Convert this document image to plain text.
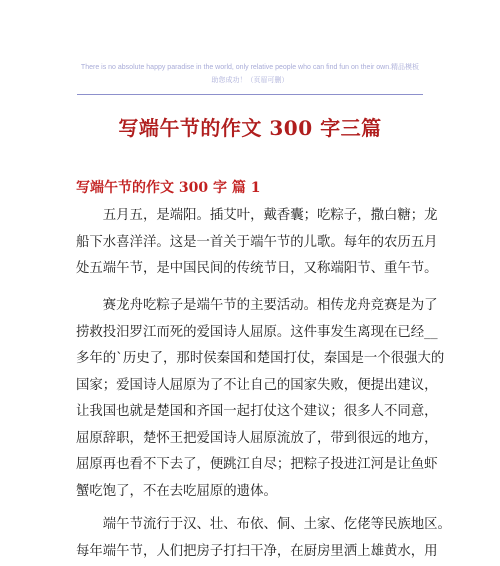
There is no absolute happy paradise in the world, only relative people who can find fun on their own.精品模板
助您成功！（页眉可删）
写端午节的作文 300 字三篇
写端午节的作文 300 字 篇 1
　　五月五，是端阳。插艾叶，戴香囊；吃粽子，撒白糖；龙
船下水喜洋洋。这是一首关于端午节的儿歌。每年的农历五月
处五端午节，是中国民间的传统节日，又称端阳节、重午节。
　　赛龙舟吃粽子是端午节的主要活动。相传龙舟竞赛是为了
捞救投汨罗江而死的爱国诗人屈原。这件事发生离现在已经__
多年的`历史了，那时侯秦国和楚国打仗，秦国是一个很强大的
国家；爱国诗人屈原为了不让自己的国家失败，便提出建议，
让我国也就是楚国和齐国一起打仗这个建议；很多人不同意，
屈原辞职，楚怀王把爱国诗人屈原流放了，带到很远的地方，
屈原再也看不下去了，便跳江自尽；把粽子投进江河是让鱼虾
蟹吃饱了，不在去吃屈原的遗体。
　　端午节流行于汉、壮、布依、侗、土家、仡佬等民族地区。
每年端午节，人们把房子打扫干净，在厨房里洒上雄黄水，用
